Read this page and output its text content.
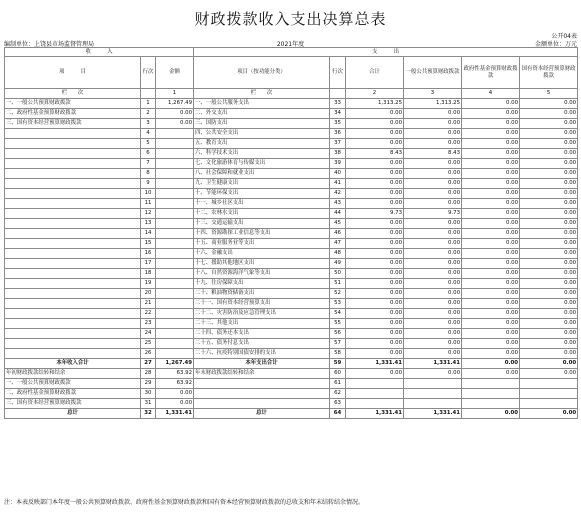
财政拨款收入支出决算总表
公开04表
编制单位：上饶县市场监督管理局	2021年度	金额单位：万元
收　　　入			支　　　出					
项　　　目	行次	金额	项目（按功能分类）	行次	合计	一般公共预算财政拨款	政府性基金预算财政拨款	国有资本经营预算财政拨款
栏　　次		1	栏　　次		2	3	4	5
一、一般公共预算财政拨款	1	1,267.49	一、一般公共服务支出	33	1,313.25	1,313.25	0.00	0.00
二、政府性基金预算财政拨款	2	0.00	二、外交支出	34	0.00	0.00	0.00	0.00
三、国有资本经营预算财政拨款	3	0.00	三、国防支出	35	0.00	0.00	0.00	0.00
	4		四、公共安全支出	36	0.00	0.00	0.00	0.00
	5		五、教育支出	37	0.00	0.00	0.00	0.00
	6		六、科学技术支出	38	8.43	8.43	0.00	0.00
	7		七、文化旅游体育与传媒支出	39	0.00	0.00	0.00	0.00
	8		八、社会保障和就业支出	40	0.00	0.00	0.00	0.00
	9		九、卫生健康支出	41	0.00	0.00	0.00	0.00
	10		十、节能环保支出	42	0.00	0.00	0.00	0.00
	11		十一、城乡社区支出	43	0.00	0.00	0.00	0.00
	12		十二、农林水支出	44	9.73	9.73	0.00	0.00
	13		十三、交通运输支出	45	0.00	0.00	0.00	0.00
	14		十四、资源勘探工业信息等支出	46	0.00	0.00	0.00	0.00
	15		十五、商业服务业等支出	47	0.00	0.00	0.00	0.00
	16		十六、金融支出	48	0.00	0.00	0.00	0.00
	17		十七、援助其他地区支出	49	0.00	0.00	0.00	0.00
	18		十八、自然资源海洋气象等支出	50	0.00	0.00	0.00	0.00
	19		十九、住房保障支出	51	0.00	0.00	0.00	0.00
	20		二十、粮油物资储备支出	52	0.00	0.00	0.00	0.00
	21		二十一、国有资本经营预算支出	53	0.00	0.00	0.00	0.00
	22		二十二、灾害防治及应急管理支出	54	0.00	0.00	0.00	0.00
	23		二十三、其他支出	55	0.00	0.00	0.00	0.00
	24		二十四、债务还本支出	56	0.00	0.00	0.00	0.00
	25		二十五、债务付息支出	57	0.00	0.00	0.00	0.00
	26		二十六、抗疫特别国债安排的支出	58	0.00	0.00	0.00	0.00
本年收入合计	27	1,267.49	本年支出合计	59	1,331.41	1,331.41	0.00	0.00
年初财政拨款结转和结余	28	63.92	年末财政拨款结转和结余	60	0.00	0.00	0.00	0.00
一、一般公共预算财政拨款	29	63.92		61				
二、政府性基金预算财政拨款	30	0.00		62				
三、国有资本经营预算财政拨款	31	0.00		63				
总计	32	1,331.41	总计	64	1,331.41	1,331.41	0.00	0.00
注：本表反映部门本年度一般公共预算财政拨款、政府性基金预算财政拨款和国有资本经营预算财政拨款的总收支和年末结转结余情况。
